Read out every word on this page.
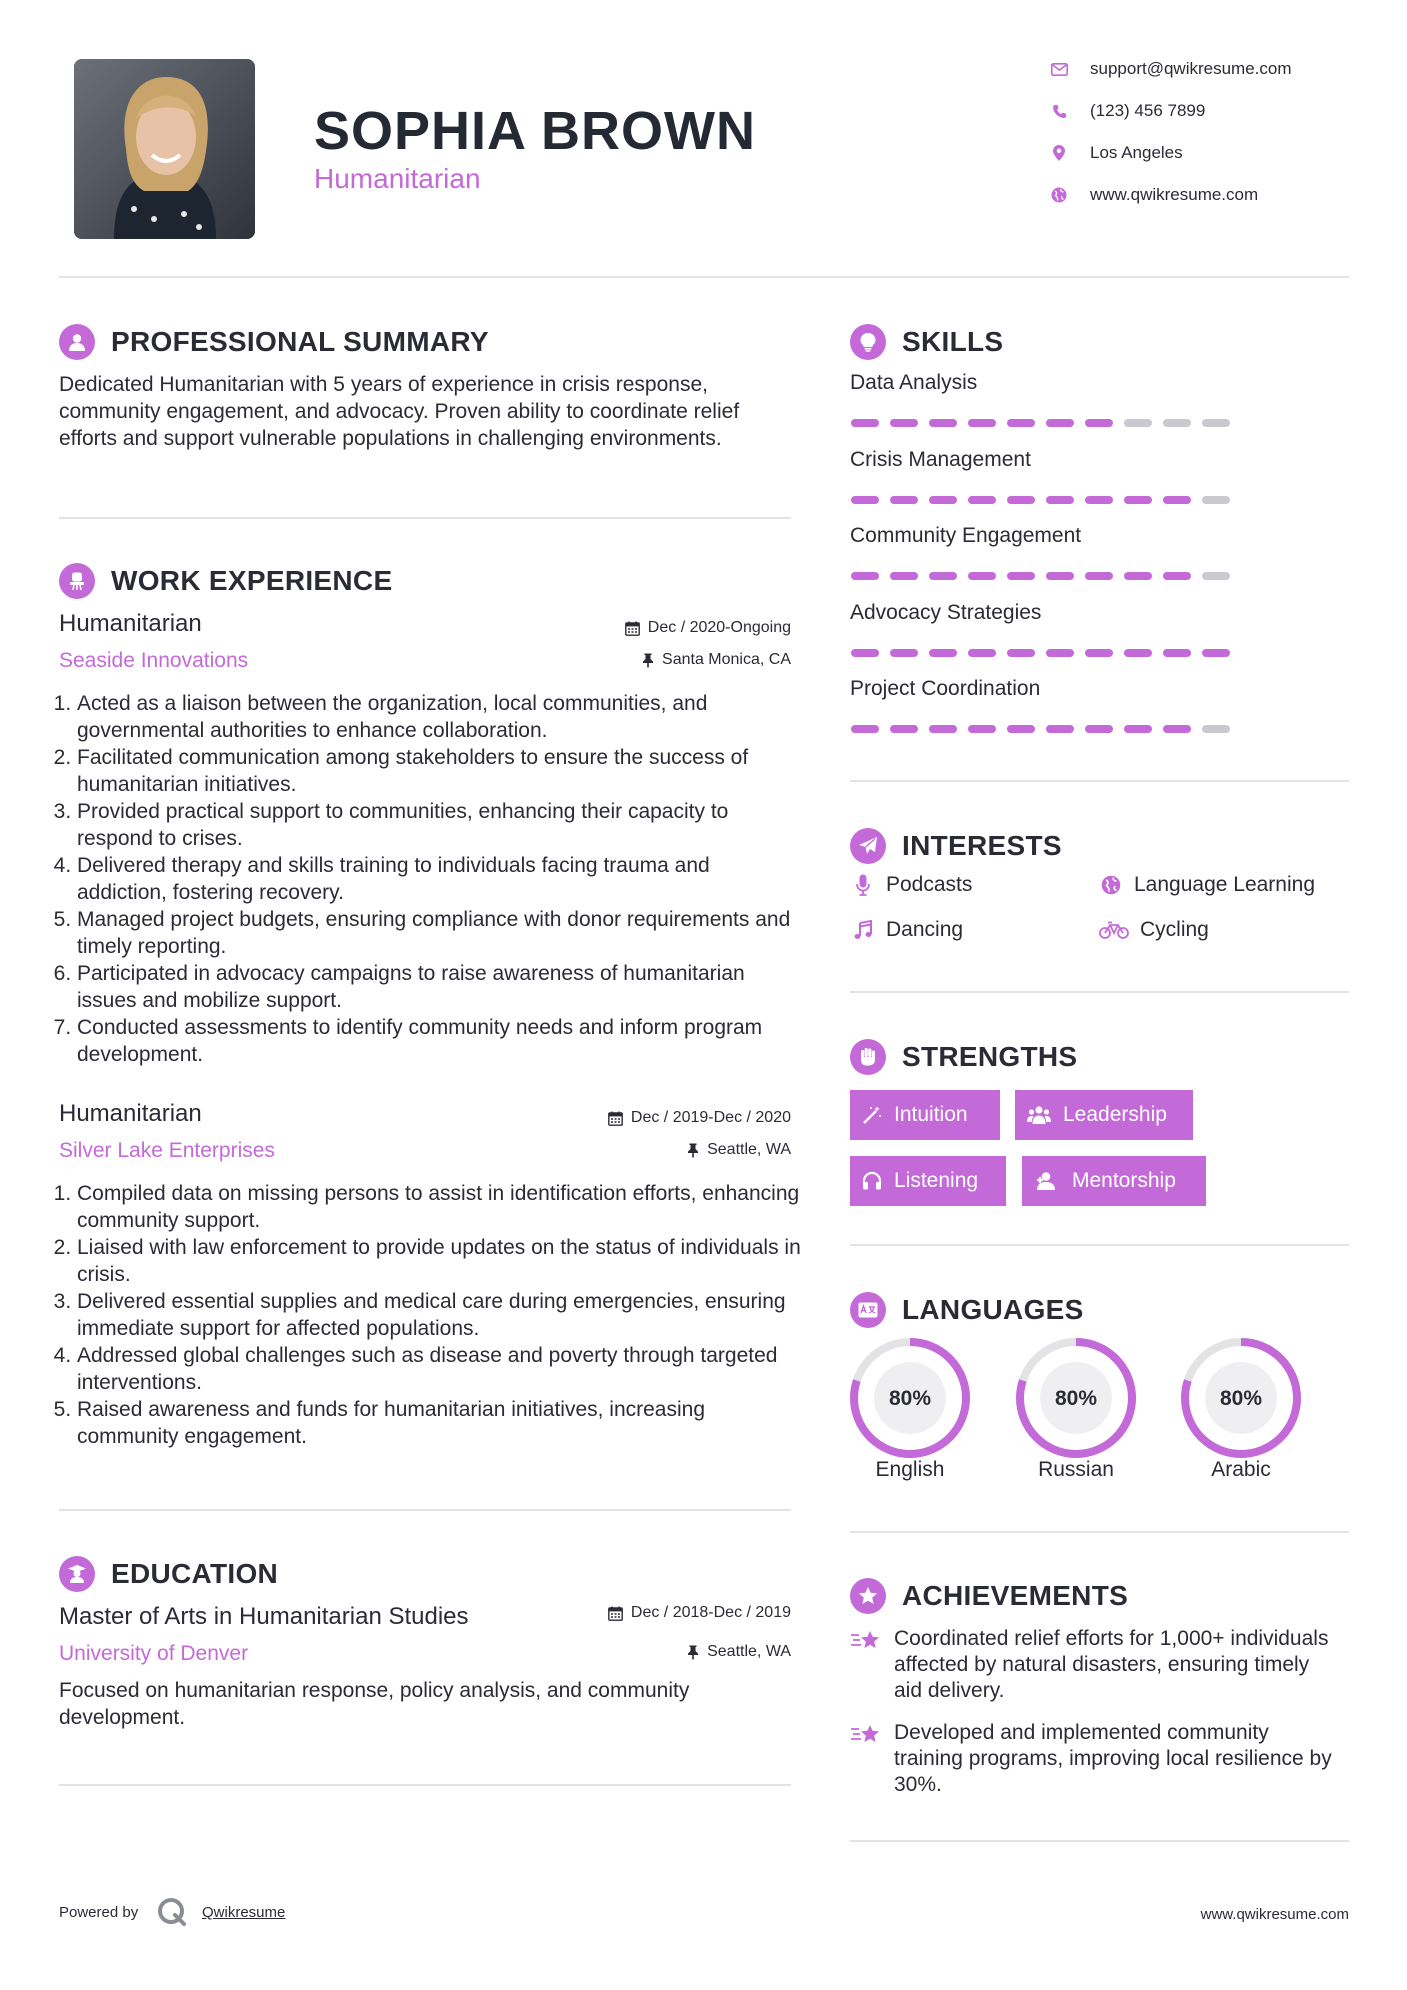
SOPHIA BROWN
Humanitarian
support@qwikresume.com
(123) 456 7899
Los Angeles
www.qwikresume.com
PROFESSIONAL SUMMARY
Dedicated Humanitarian with 5 years of experience in crisis response, community engagement, and advocacy. Proven ability to coordinate relief efforts and support vulnerable populations in challenging environments.
WORK EXPERIENCE
Humanitarian	Dec / 2020-Ongoing
Seaside Innovations	Santa Monica, CA
1. Acted as a liaison between the organization, local communities, and governmental authorities to enhance collaboration.
2. Facilitated communication among stakeholders to ensure the success of humanitarian initiatives.
3. Provided practical support to communities, enhancing their capacity to respond to crises.
4. Delivered therapy and skills training to individuals facing trauma and addiction, fostering recovery.
5. Managed project budgets, ensuring compliance with donor requirements and timely reporting.
6. Participated in advocacy campaigns to raise awareness of humanitarian issues and mobilize support.
7. Conducted assessments to identify community needs and inform program development.
Humanitarian	Dec / 2019-Dec / 2020
Silver Lake Enterprises	Seattle, WA
1. Compiled data on missing persons to assist in identification efforts, enhancing community support.
2. Liaised with law enforcement to provide updates on the status of individuals in crisis.
3. Delivered essential supplies and medical care during emergencies, ensuring immediate support for affected populations.
4. Addressed global challenges such as disease and poverty through targeted interventions.
5. Raised awareness and funds for humanitarian initiatives, increasing community engagement.
EDUCATION
Master of Arts in Humanitarian Studies	Dec / 2018-Dec / 2019
University of Denver	Seattle, WA
Focused on humanitarian response, policy analysis, and community development.
SKILLS
Data Analysis
Crisis Management
Community Engagement
Advocacy Strategies
Project Coordination
INTERESTS
Podcasts	Language Learning
Dancing	Cycling
STRENGTHS
Intuition	Leadership
Listening	Mentorship
LANGUAGES
80%
English
80%
Russian
80%
Arabic
ACHIEVEMENTS
Coordinated relief efforts for 1,000+ individuals affected by natural disasters, ensuring timely aid delivery.
Developed and implemented community training programs, improving local resilience by 30%.
Powered by	Qwikresume	www.qwikresume.com
